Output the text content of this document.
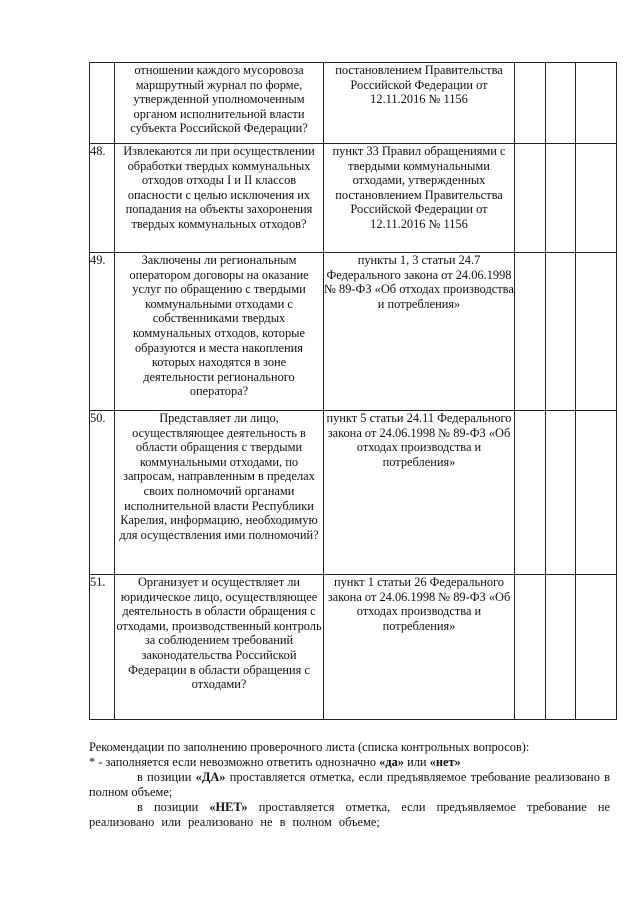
	отношении каждого мусоровоза маршрутный журнал по форме, утвержденной уполномоченным органом исполнительной власти субъекта Российской Федерации?	постановлением Правительства Российской Федерации от 12.11.2016 № 1156			
48.	Извлекаются ли при осуществлении обработки твердых коммунальных отходов отходы I и II классов опасности с целью исключения их попадания на объекты захоронения твердых коммунальных отходов?	пункт 33 Правил обращениями с твердыми коммунальными отходами, утвержденных постановлением Правительства Российской Федерации от 12.11.2016 № 1156			
49.	Заключены ли региональным оператором договоры на оказание услуг по обращению с твердыми коммунальными отходами с собственниками твердых коммунальных отходов, которые образуются и места накопления которых находятся в зоне деятельности регионального оператора?	пункты 1, 3 статьи 24.7 Федерального закона от 24.06.1998 № 89-ФЗ «Об отходах производства и потребления»			
50.	Представляет ли лицо, осуществляющее деятельность в области обращения с твердыми коммунальными отходами, по запросам, направленным в пределах своих полномочий органами исполнительной власти Республики Карелия, информацию, необходимую для осуществления ими полномочий?	пункт 5 статьи 24.11 Федерального закона от 24.06.1998 № 89-ФЗ «Об отходах производства и потребления»			
51.	Организует и осуществляет ли юридическое лицо, осуществляющее деятельность в области обращения с отходами, производственный контроль за соблюдением требований законодательства Российской Федерации в области обращения с отходами?	пункт 1 статьи 26 Федерального закона от 24.06.1998 № 89-ФЗ «Об отходах производства и потребления»			

Рекомендации по заполнению проверочного листа (списка контрольных вопросов):

* - заполняется если невозможно ответить однозначно «да» или «нет»

в позиции «ДА» проставляется отметка, если предъявляемое требование реализовано в полном объеме;

в позиции «НЕТ» проставляется отметка, если предъявляемое требование не реализовано или реализовано не в полном объеме;
